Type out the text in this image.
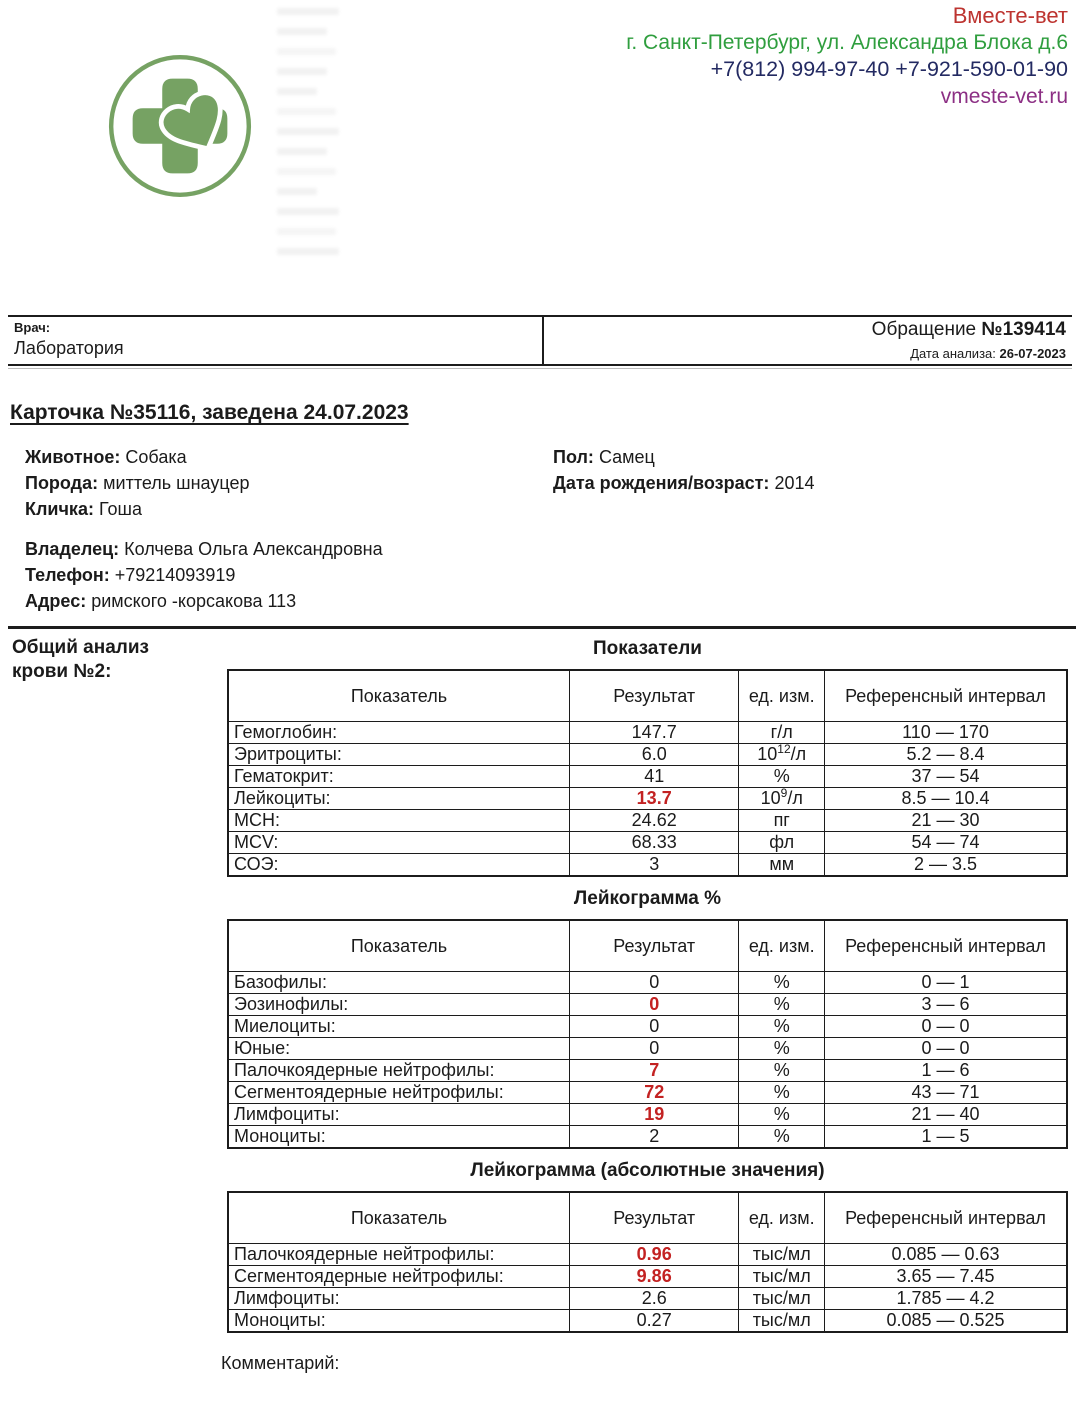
Вместе-вет
г. Санкт-Петербург, ул. Александра Блока д.6
+7(812) 994-97-40 +7-921-590-01-90
vmeste-vet.ru
Врач:
Лаборатория
Обращение №139414
Дата анализа: 26-07-2023
Карточка №35116, заведена 24.07.2023
Животное: Собака
Порода: миттель шнауцер
Кличка: Гоша
Пол: Самец
Дата рождения/возраст: 2014
Владелец: Колчева Ольга Александровна
Телефон: +79214093919
Адрес: римского -корсакова 113
Общий анализ
крови №2:
Показатели
Показатель	Результат	ед. изм.	Референсный интервал
Гемоглобин:	147.7	г/л	110 — 170
Эритроциты:	6.0	$10^{12}/л$	5.2 — 8.4
Гематокрит:	41	%	37 — 54
Лейкоциты:	13.7	$10^9/л$	8.5 — 10.4
MCH:	24.62	пг	21 — 30
MCV:	68.33	фл	54 — 74
СОЭ:	3	мм	2 — 3.5
Лейкограмма %
Показатель	Результат	ед. изм.	Референсный интервал
Базофилы:	0	%	0 — 1
Эозинофилы:	0	%	3 — 6
Миелоциты:	0	%	0 — 0
Юные:	0	%	0 — 0
Палочкоядерные нейтрофилы:	7	%	1 — 6
Сегментоядерные нейтрофилы:	72	%	43 — 71
Лимфоциты:	19	%	21 — 40
Моноциты:	2	%	1 — 5
Лейкограмма (абсолютные значения)
Показатель	Результат	ед. изм.	Референсный интервал
Палочкоядерные нейтрофилы:	0.96	тыс/мл	0.085 — 0.63
Сегментоядерные нейтрофилы:	9.86	тыс/мл	3.65 — 7.45
Лимфоциты:	2.6	тыс/мл	1.785 — 4.2
Моноциты:	0.27	тыс/мл	0.085 — 0.525
Комментарий:
